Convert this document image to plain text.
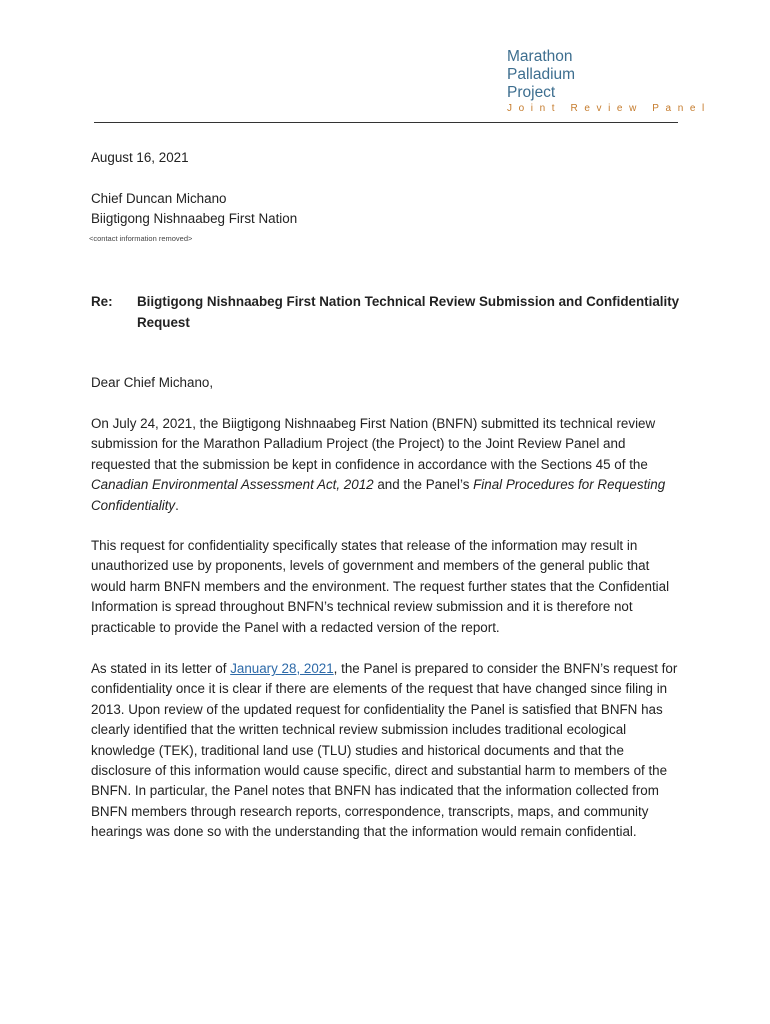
Marathon
Palladium
Project
Joint Review Panel
August 16, 2021
Chief Duncan Michano
Biigtigong Nishnaabeg First Nation
<contact information removed>
Re: Biigtigong Nishnaabeg First Nation Technical Review Submission and Confidentiality Request
Dear Chief Michano,
On July 24, 2021, the Biigtigong Nishnaabeg First Nation (BNFN) submitted its technical review submission for the Marathon Palladium Project (the Project) to the Joint Review Panel and requested that the submission be kept in confidence in accordance with the Sections 45 of the Canadian Environmental Assessment Act, 2012 and the Panel’s Final Procedures for Requesting Confidentiality.
This request for confidentiality specifically states that release of the information may result in unauthorized use by proponents, levels of government and members of the general public that would harm BNFN members and the environment. The request further states that the Confidential Information is spread throughout BNFN’s technical review submission and it is therefore not practicable to provide the Panel with a redacted version of the report.
As stated in its letter of January 28, 2021, the Panel is prepared to consider the BNFN’s request for confidentiality once it is clear if there are elements of the request that have changed since filing in 2013. Upon review of the updated request for confidentiality the Panel is satisfied that BNFN has clearly identified that the written technical review submission includes traditional ecological knowledge (TEK), traditional land use (TLU) studies and historical documents and that the disclosure of this information would cause specific, direct and substantial harm to members of the BNFN. In particular, the Panel notes that BNFN has indicated that the information collected from BNFN members through research reports, correspondence, transcripts, maps, and community hearings was done so with the understanding that the information would remain confidential.
